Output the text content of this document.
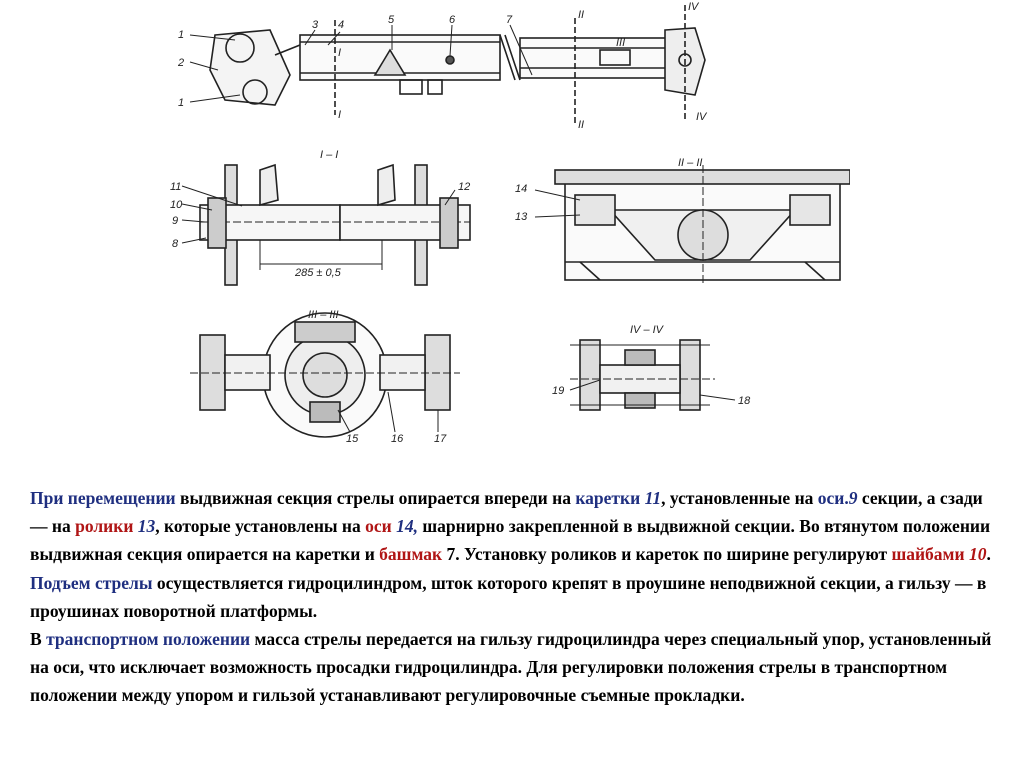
1
2
1
3 4	5	6	7
I
I
II
II
III
IV
IV
I – I
11
10
9
8
12
285 ± 0,5
II – II
14
13
III – III
15	16	17
IV – IV
19
18

При перемещении выдвижная секция стрелы опирается впереди на каретки 11, установленные на оси.9 секции, а сзади — на ролики 13, которые установлены на оси 14, шарнирно закрепленной в выдвижной секции. Во втянутом положении выдвижная секция опирается на каретки и башмак 7. Установку роликов и кареток по ширине регулируют шайбами 10. Подъем стрелы осуществляется гидроцилиндром, шток которого крепят в проушине неподвижной секции, а гильзу — в проушинах поворотной платформы.

В транспортном положении масса стрелы передается на гильзу гидроцилиндра через специальный упор, установленный на оси, что исключает возможность просадки гидроцилиндра. Для регулировки положения стрелы в транспортном положении между упором и гильзой устанавливают регулировочные съемные прокладки.
